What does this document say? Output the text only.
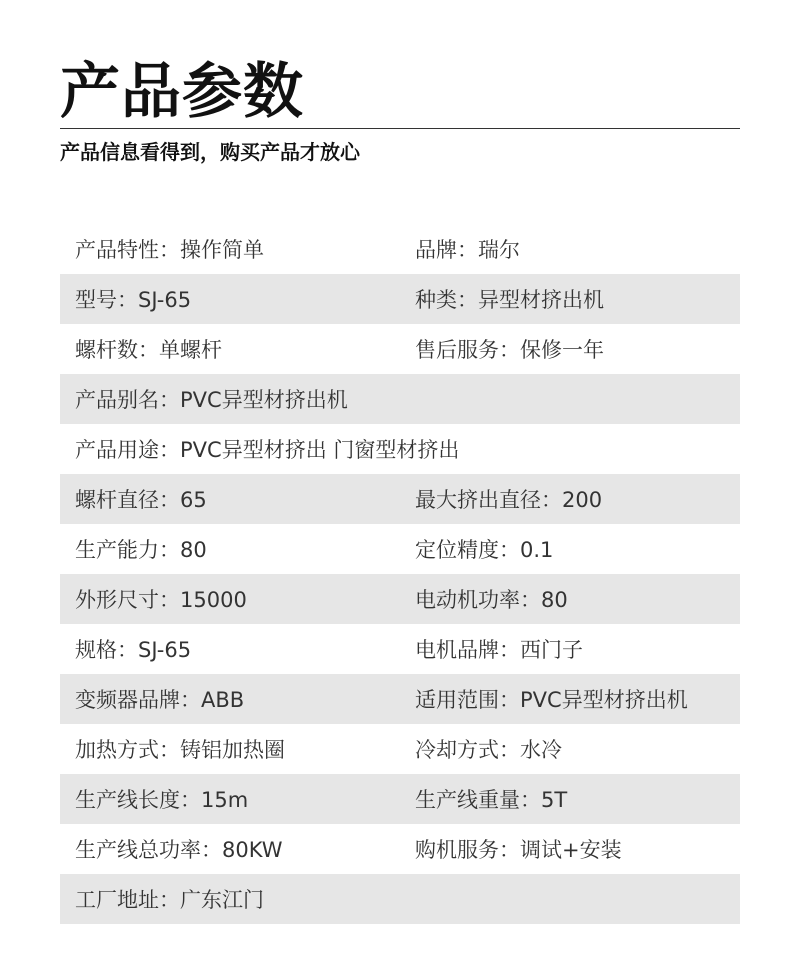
产品参数
产品信息看得到，购买产品才放心
产品特性：操作简单	品牌：瑞尔
型号：SJ-65	种类：异型材挤出机
螺杆数：单螺杆	售后服务：保修一年
产品别名：PVC异型材挤出机
产品用途：PVC异型材挤出 门窗型材挤出
螺杆直径：65	最大挤出直径：200
生产能力：80	定位精度：0.1
外形尺寸：15000	电动机功率：80
规格：SJ-65	电机品牌：西门子
变频器品牌：ABB	适用范围：PVC异型材挤出机
加热方式：铸铝加热圈	冷却方式：水冷
生产线长度：15m	生产线重量：5T
生产线总功率：80KW	购机服务：调试+安装
工厂地址：广东江门
